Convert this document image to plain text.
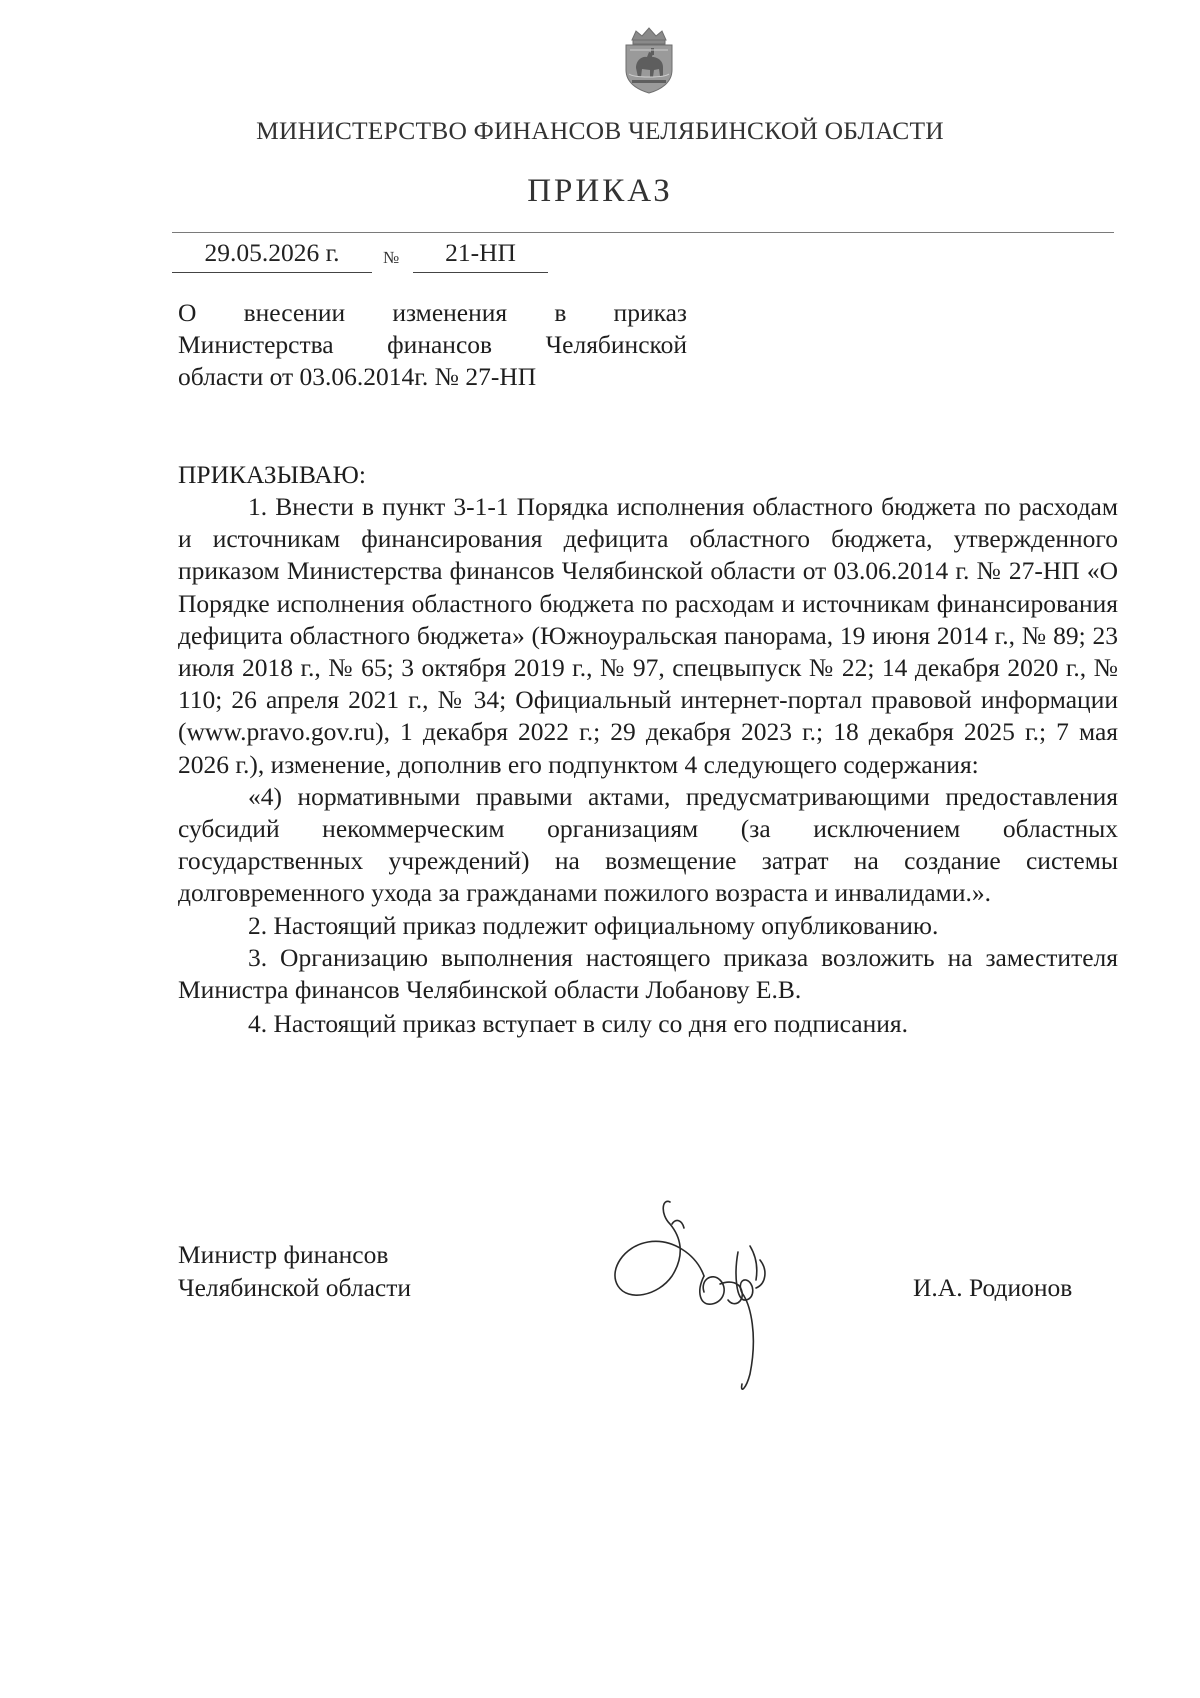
МИНИСТЕРСТВО ФИНАНСОВ ЧЕЛЯБИНСКОЙ ОБЛАСТИ
ПРИКАЗ
29.05.2026 г.	№	21-НП
О внесении изменения в приказ
Министерства финансов Челябинской
области от 03.06.2014г. № 27-НП
ПРИКАЗЫВАЮ:

1. Внести в пункт 3-1-1 Порядка исполнения областного бюджета по расходам и источникам финансирования дефицита областного бюджета, утвержденного приказом Министерства финансов Челябинской области от 03.06.2014 г. № 27-НП «О Порядке исполнения областного бюджета по расходам и источникам финансирования дефицита областного бюджета» (Южноуральская панорама, 19 июня 2014 г., № 89; 23 июля 2018 г., № 65; 3 октября 2019 г., № 97, спецвыпуск № 22; 14 декабря 2020 г., № 110; 26 апреля 2021 г., № 34; Официальный интернет-портал правовой информации (www.pravo.gov.ru), 1 декабря 2022 г.; 29 декабря 2023 г.; 18 декабря 2025 г.; 7 мая 2026 г.), изменение, дополнив его подпунктом 4 следующего содержания:

«4) нормативными правыми актами, предусматривающими предоставления субсидий некоммерческим организациям (за исключением областных государственных учреждений) на возмещение затрат на создание системы долговременного ухода за гражданами пожилого возраста и инвалидами.».

2. Настоящий приказ подлежит официальному опубликованию.

3. Организацию выполнения настоящего приказа возложить на заместителя Министра финансов Челябинской области Лобанову Е.В.

4. Настоящий приказ вступает в силу со дня его подписания.

Министр финансов
Челябинской области	И.А. Родионов
